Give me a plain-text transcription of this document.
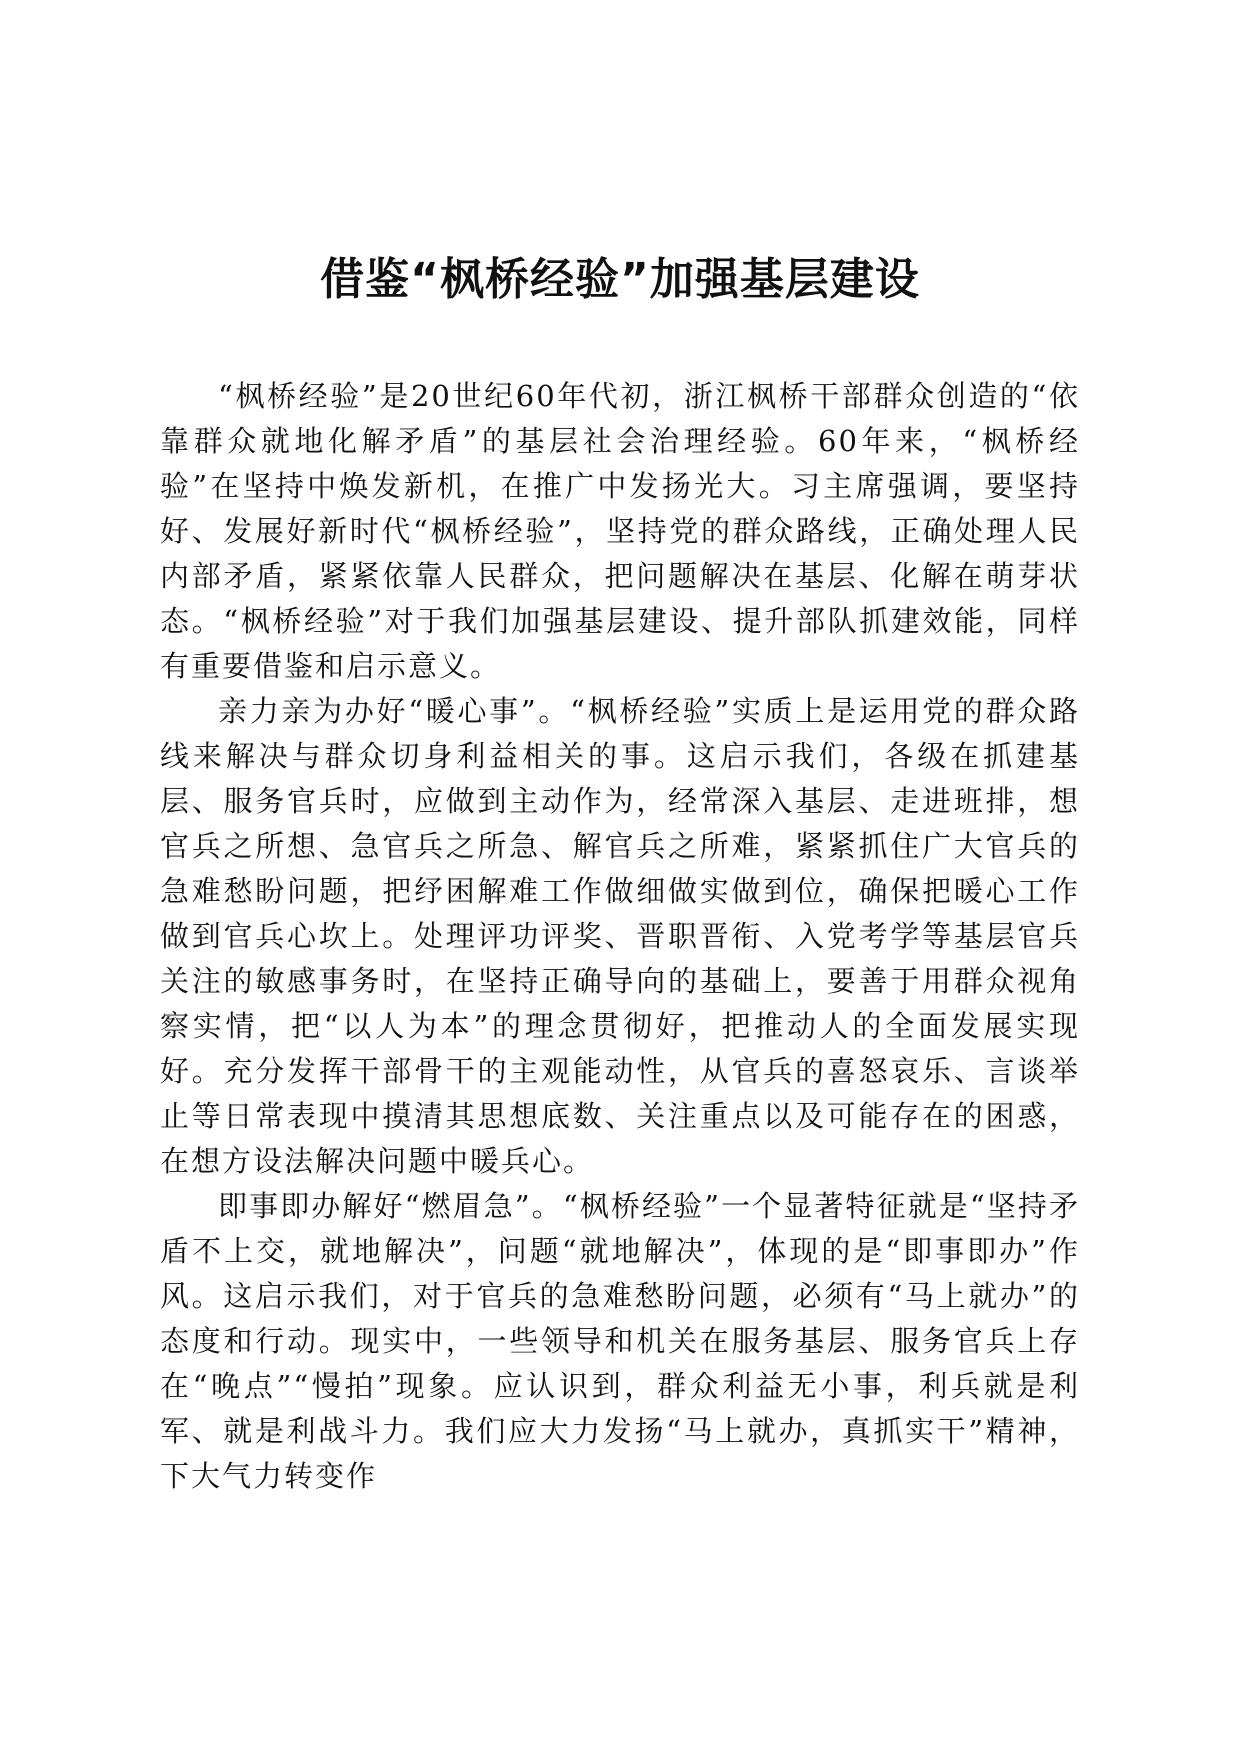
借鉴“枫桥经验”加强基层建设

“枫桥经验”是20世纪60年代初，浙江枫桥干部群众创造的“依靠群众就地化解矛盾”的基层社会治理经验。60年来，“枫桥经验”在坚持中焕发新机，在推广中发扬光大。习主席强调，要坚持好、发展好新时代“枫桥经验”，坚持党的群众路线，正确处理人民内部矛盾，紧紧依靠人民群众，把问题解决在基层、化解在萌芽状态。“枫桥经验”对于我们加强基层建设、提升部队抓建效能，同样有重要借鉴和启示意义。

亲力亲为办好“暖心事”。“枫桥经验”实质上是运用党的群众路线来解决与群众切身利益相关的事。这启示我们，各级在抓建基层、服务官兵时，应做到主动作为，经常深入基层、走进班排，想官兵之所想、急官兵之所急、解官兵之所难，紧紧抓住广大官兵的急难愁盼问题，把纾困解难工作做细做实做到位，确保把暖心工作做到官兵心坎上。处理评功评奖、晋职晋衔、入党考学等基层官兵关注的敏感事务时，在坚持正确导向的基础上，要善于用群众视角察实情，把“以人为本”的理念贯彻好，把推动人的全面发展实现好。充分发挥干部骨干的主观能动性，从官兵的喜怒哀乐、言谈举止等日常表现中摸清其思想底数、关注重点以及可能存在的困惑，在想方设法解决问题中暖兵心。

即事即办解好“燃眉急”。“枫桥经验”一个显著特征就是“坚持矛盾不上交，就地解决”，问题“就地解决”，体现的是“即事即办”作风。这启示我们，对于官兵的急难愁盼问题，必须有“马上就办”的态度和行动。现实中，一些领导和机关在服务基层、服务官兵上存在“晚点”“慢拍”现象。应认识到，群众利益无小事，利兵就是利军、就是利战斗力。我们应大力发扬“马上就办，真抓实干”精神，下大气力转变作
